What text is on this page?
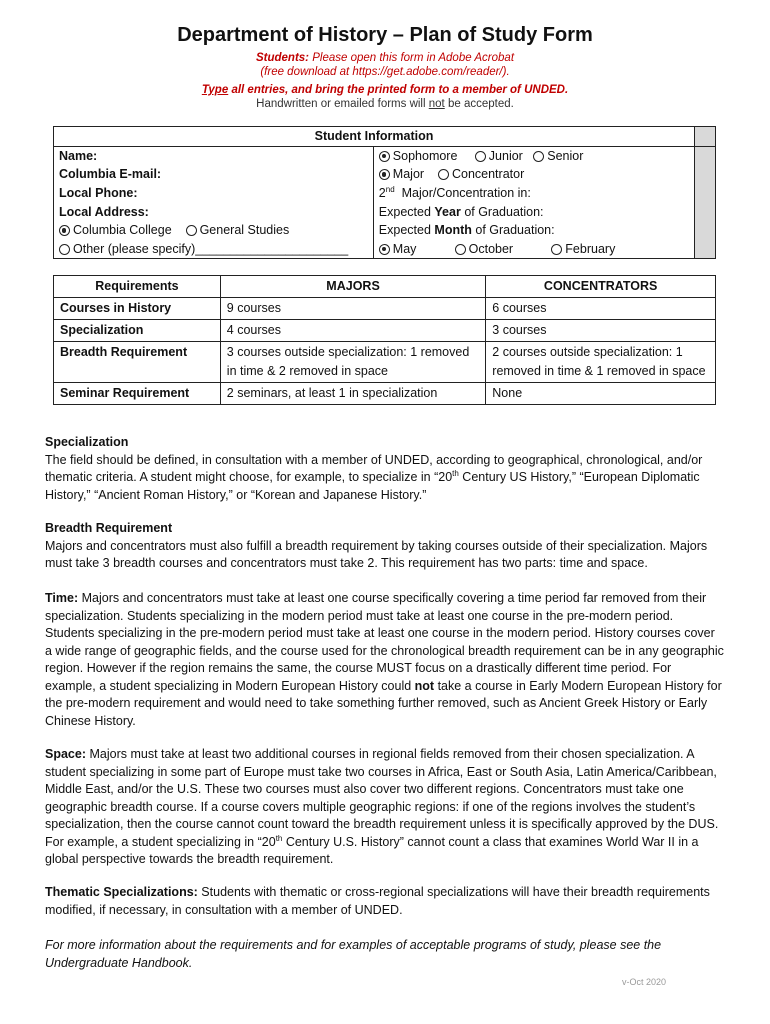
Department of History – Plan of Study Form
Students: Please open this form in Adobe Acrobat
(free download at https://get.adobe.com/reader/).
Type all entries, and bring the printed form to a member of UNDED.
Handwritten or emailed forms will not be accepted.
Student Information		
Name:	Sophomore Junior Senior	
Columbia E-mail:	Major Concentrator	
Local Phone:	2nd Major/Concentration in:	
Local Address:	Expected Year of Graduation:	
Columbia College General Studies	Expected Month of Graduation:	
Other (please specify)______________________	May October February	
Requirements	MAJORS	CONCENTRATORS
Courses in History	9 courses	6 courses
Specialization	4 courses	3 courses
Breadth Requirement	3 courses outside specialization: 1 removed in time & 2 removed in space	2 courses outside specialization: 1 removed in time & 1 removed in space
Seminar Requirement	2 seminars, at least 1 in specialization	None

Specialization

The field should be defined, in consultation with a member of UNDED, according to geographical, chronological, and/or thematic criteria. A student might choose, for example, to specialize in “20th Century US History,” “European Diplomatic History,” “Ancient Roman History,” or “Korean and Japanese History.”

Breadth Requirement

Majors and concentrators must also fulfill a breadth requirement by taking courses outside of their specialization. Majors must take 3 breadth courses and concentrators must take 2. This requirement has two parts: time and space.

Time: Majors and concentrators must take at least one course specifically covering a time period far removed from their specialization. Students specializing in the modern period must take at least one course in the pre-modern period. Students specializing in the pre-modern period must take at least one course in the modern period. History courses cover a wide range of geographic fields, and the course used for the chronological breadth requirement can be in any geographic region. However if the region remains the same, the course MUST focus on a drastically different time period. For example, a student specializing in Modern European History could not take a course in Early Modern European History for the pre-modern requirement and would need to take something further removed, such as Ancient Greek History or Early Chinese History.

Space: Majors must take at least two additional courses in regional fields removed from their chosen specialization. A student specializing in some part of Europe must take two courses in Africa, East or South Asia, Latin America/Caribbean, Middle East, and/or the U.S. These two courses must also cover two different regions. Concentrators must take one geographic breadth course. If a course covers multiple geographic regions: if one of the regions involves the student’s specialization, then the course cannot count toward the breadth requirement unless it is specifically approved by the DUS. For example, a student specializing in “20th Century U.S. History” cannot count a class that examines World War II in a global perspective towards the breadth requirement.

Thematic Specializations: Students with thematic or cross-regional specializations will have their breadth requirements modified, if necessary, in consultation with a member of UNDED.

For more information about the requirements and for examples of acceptable programs of study, please see the Undergraduate Handbook.

v-Oct 2020
